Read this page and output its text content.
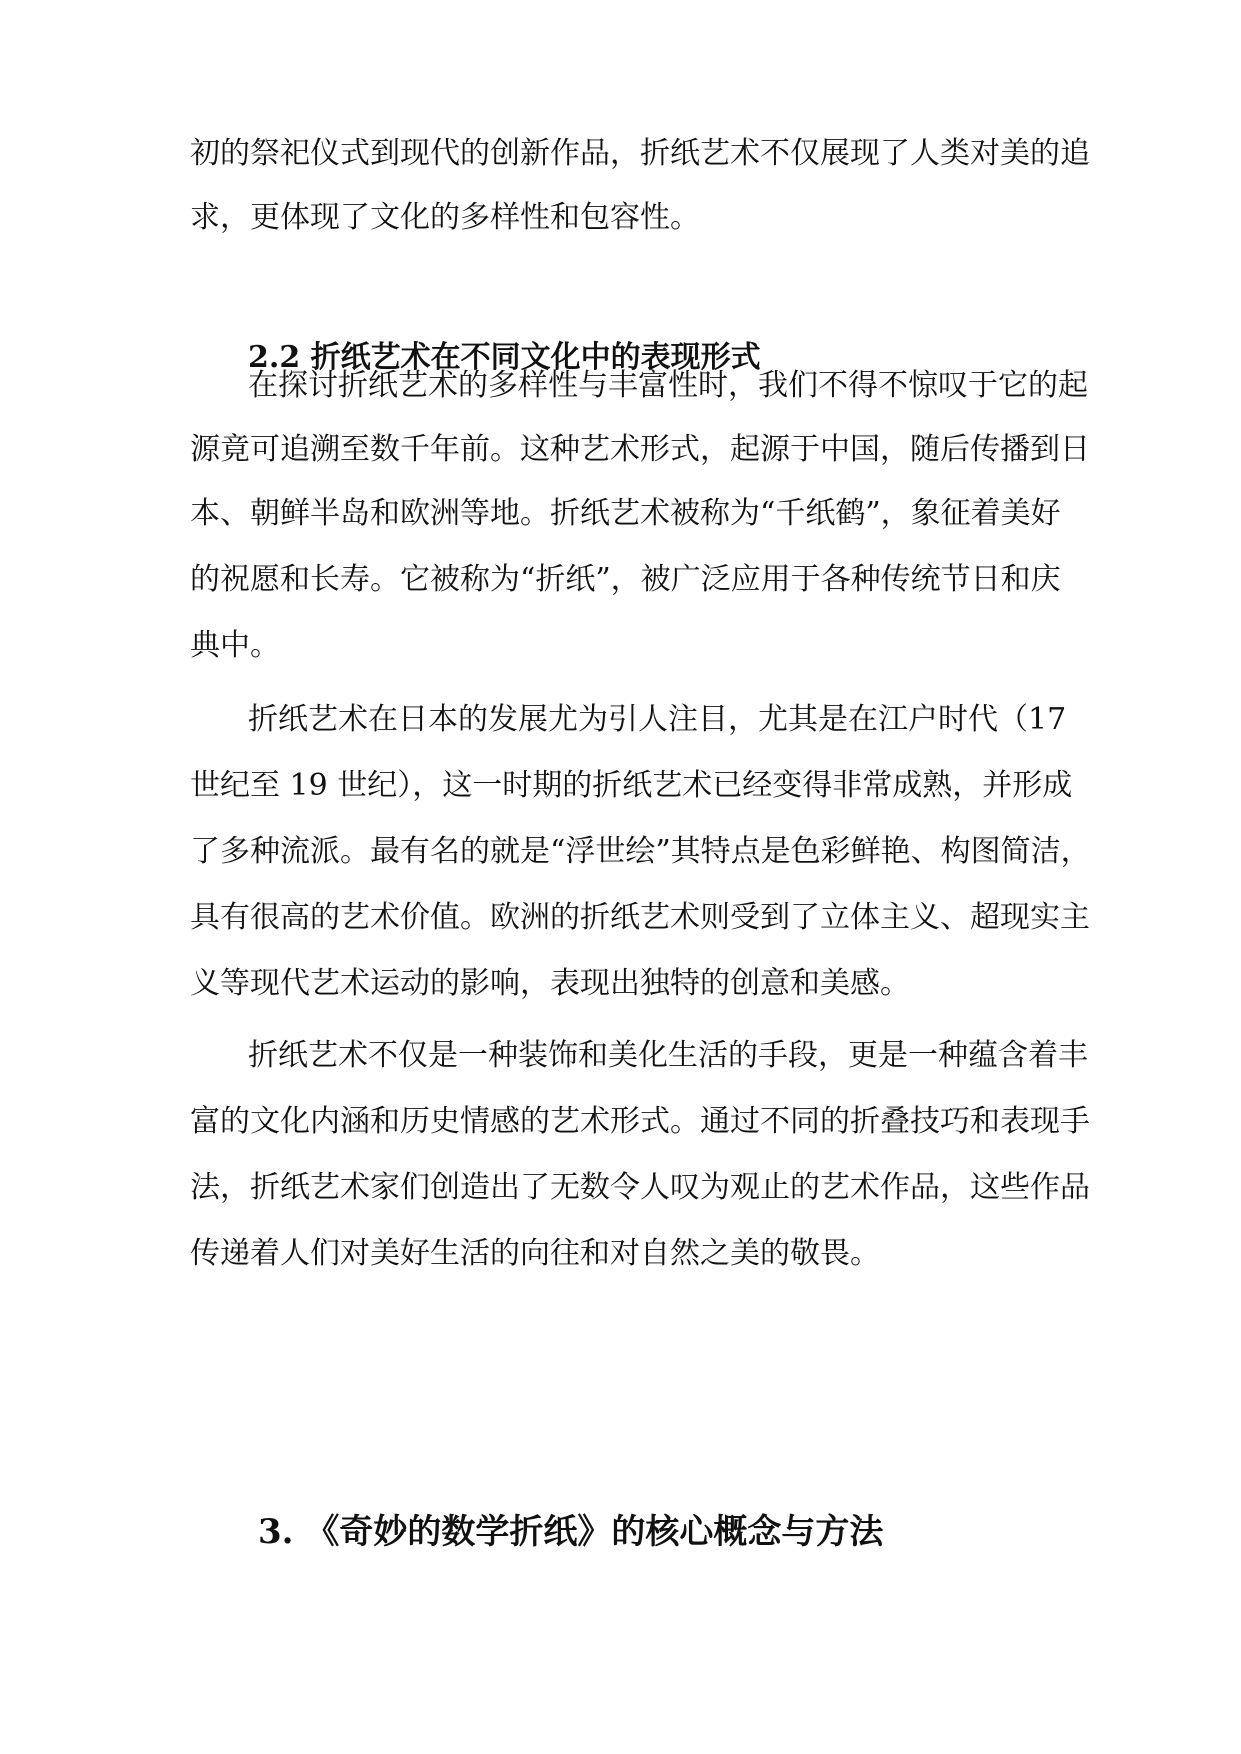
初的祭祀仪式到现代的创新作品，折纸艺术不仅展现了人类对美的追
求，更体现了文化的多样性和包容性。
2.2 折纸艺术在不同文化中的表现形式
在探讨折纸艺术的多样性与丰富性时，我们不得不惊叹于它的起
源竟可追溯至数千年前。这种艺术形式，起源于中国，随后传播到日
本、朝鲜半岛和欧洲等地。折纸艺术被称为“千纸鹤”，象征着美好
的祝愿和长寿。它被称为“折纸”，被广泛应用于各种传统节日和庆
典中。
折纸艺术在日本的发展尤为引人注目，尤其是在江户时代（17
世纪至 19 世纪），这一时期的折纸艺术已经变得非常成熟，并形成
了多种流派。最有名的就是“浮世绘”其特点是色彩鲜艳、构图简洁，
具有很高的艺术价值。欧洲的折纸艺术则受到了立体主义、超现实主
义等现代艺术运动的影响，表现出独特的创意和美感。
折纸艺术不仅是一种装饰和美化生活的手段，更是一种蕴含着丰
富的文化内涵和历史情感的艺术形式。通过不同的折叠技巧和表现手
法，折纸艺术家们创造出了无数令人叹为观止的艺术作品，这些作品
传递着人们对美好生活的向往和对自然之美的敬畏。
3. 《奇妙的数学折纸》的核心概念与方法
